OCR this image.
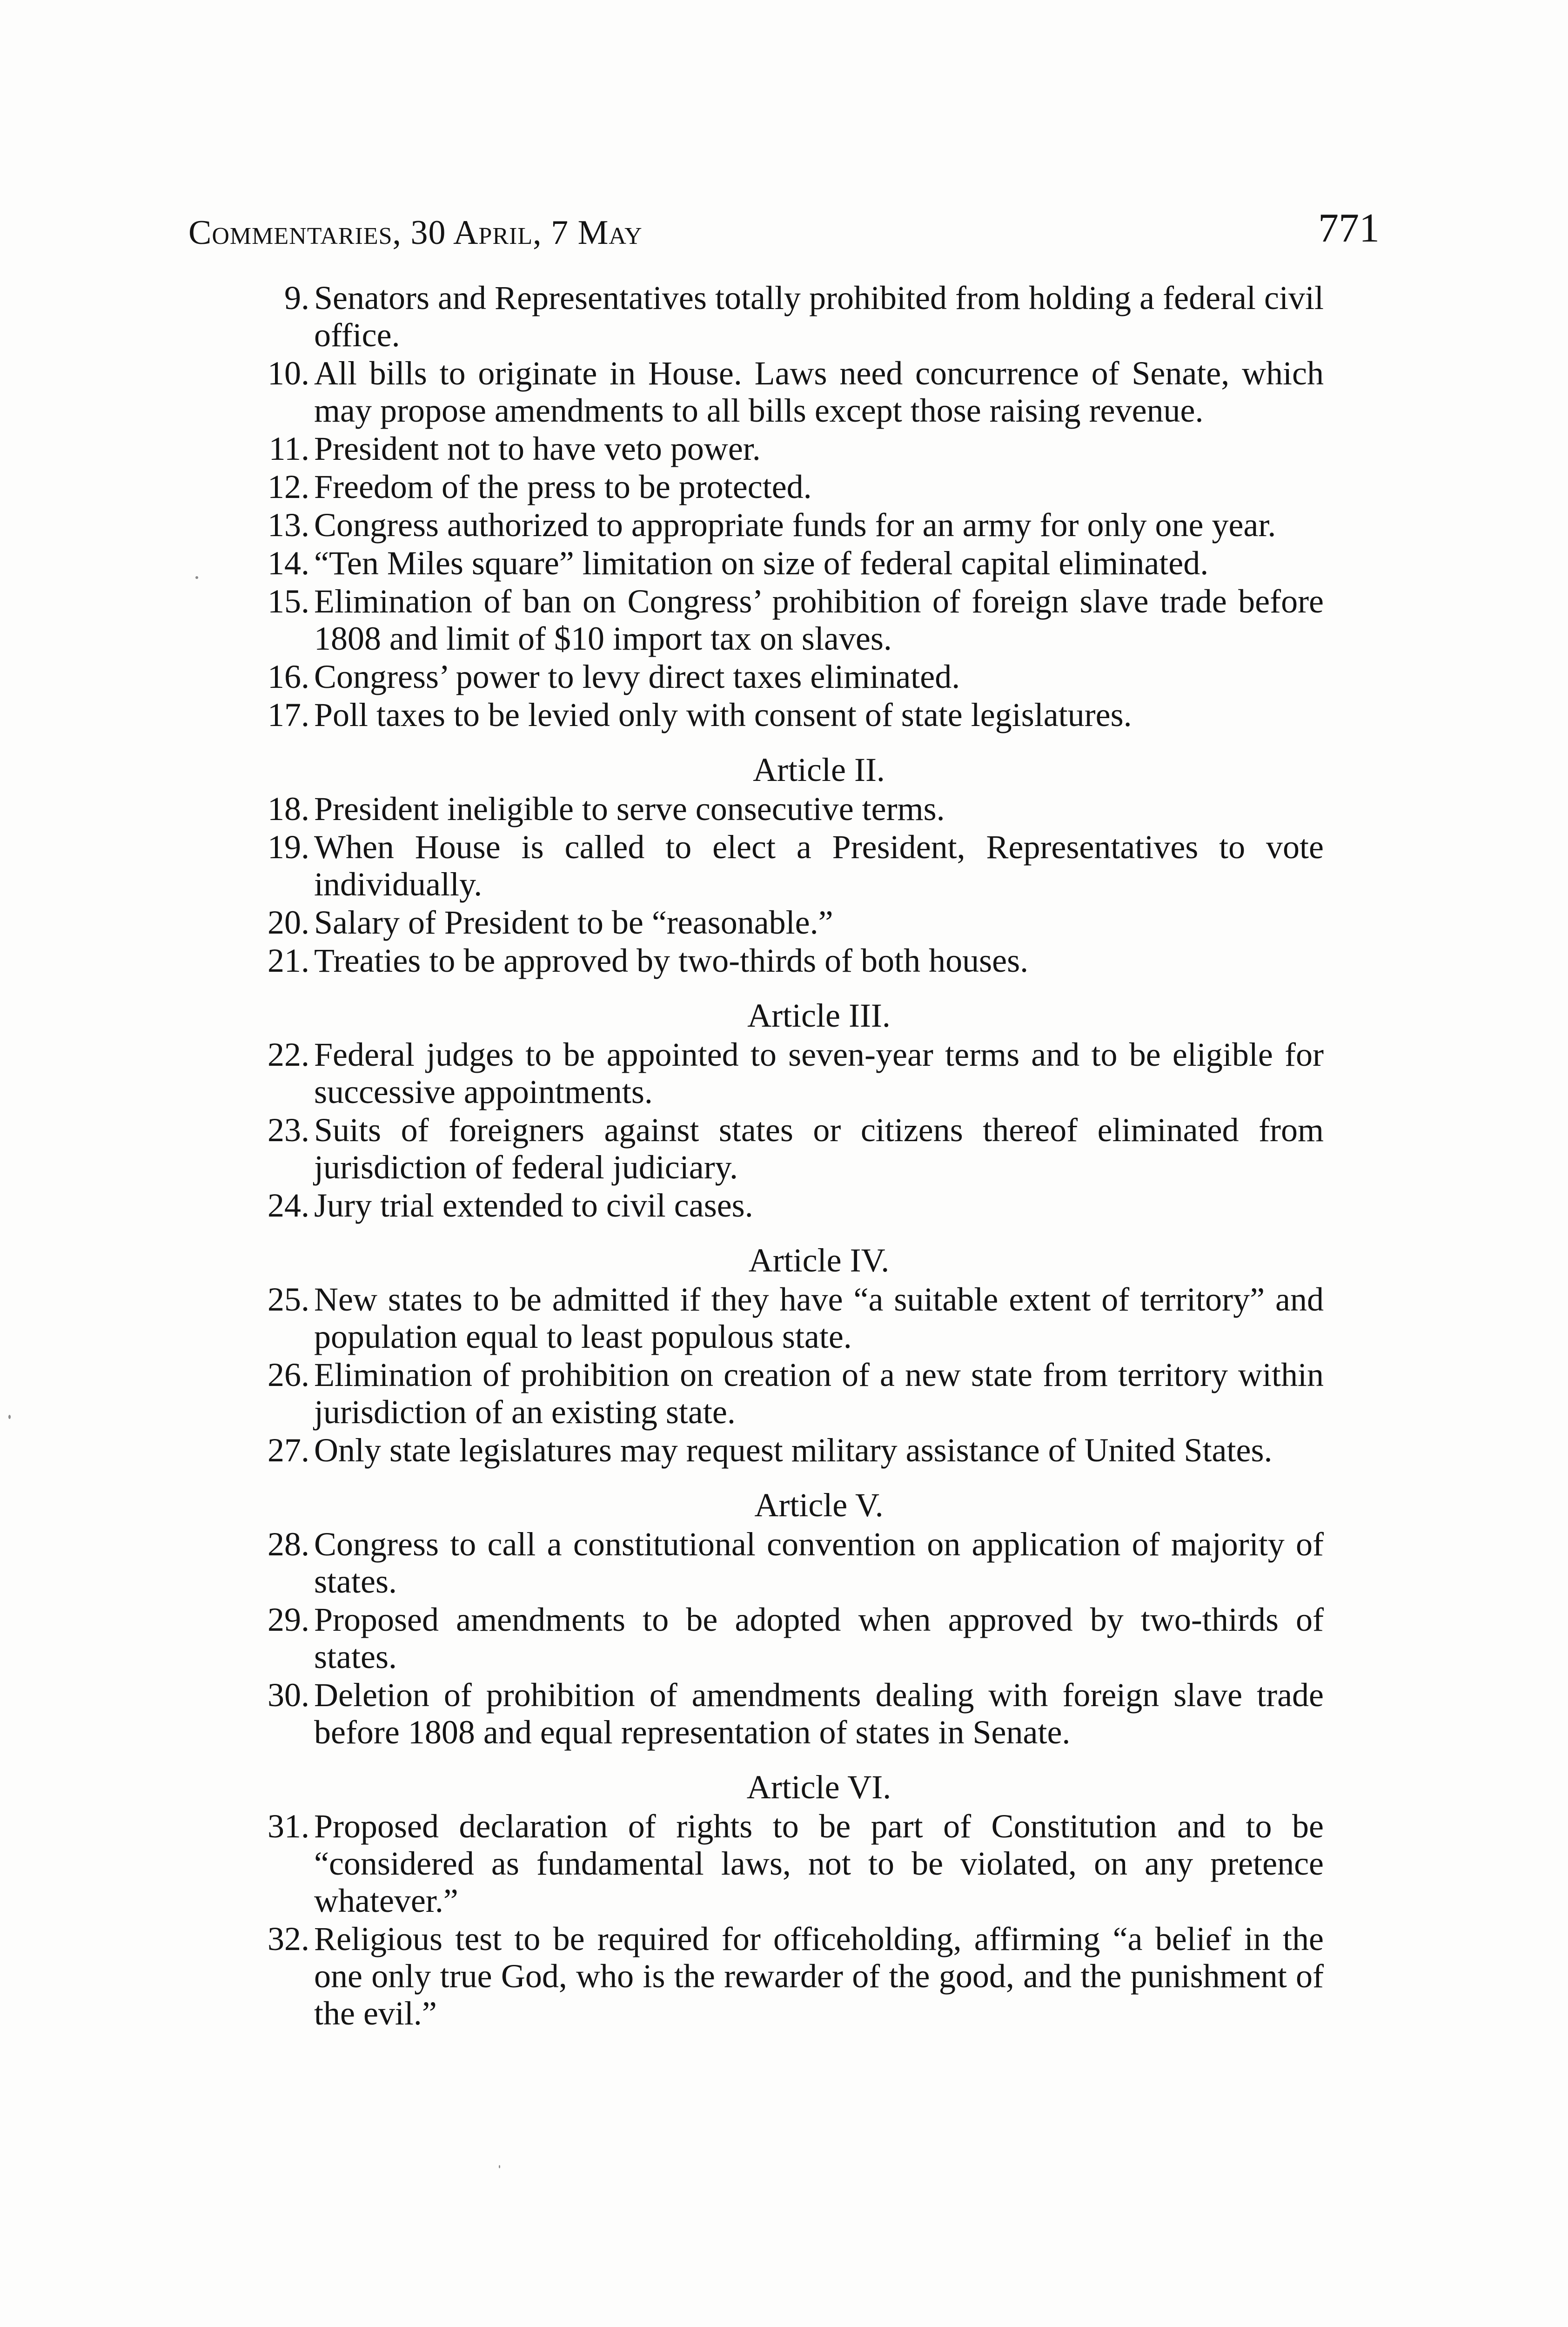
Commentaries, 30 April, 7 May	771
9. Senators and Representatives totally prohibited from holding a federal civil office.
10. All bills to originate in House. Laws need concurrence of Senate, which may propose amendments to all bills except those raising revenue.
11. President not to have veto power.
12. Freedom of the press to be protected.
13. Congress authorized to appropriate funds for an army for only one year.
14. “Ten Miles square” limitation on size of federal capital eliminated.
15. Elimination of ban on Congress’ prohibition of foreign slave trade before 1808 and limit of $10 import tax on slaves.
16. Congress’ power to levy direct taxes eliminated.
17. Poll taxes to be levied only with consent of state legislatures.
Article II.
18. President ineligible to serve consecutive terms.
19. When House is called to elect a President, Representatives to vote individually.
20. Salary of President to be “reasonable.”
21. Treaties to be approved by two-thirds of both houses.
Article III.
22. Federal judges to be appointed to seven-year terms and to be eligible for successive appointments.
23. Suits of foreigners against states or citizens thereof eliminated from jurisdiction of federal judiciary.
24. Jury trial extended to civil cases.
Article IV.
25. New states to be admitted if they have “a suitable extent of territory” and population equal to least populous state.
26. Elimination of prohibition on creation of a new state from territory within jurisdiction of an existing state.
27. Only state legislatures may request military assistance of United States.
Article V.
28. Congress to call a constitutional convention on application of majority of states.
29. Proposed amendments to be adopted when approved by two-thirds of states.
30. Deletion of prohibition of amendments dealing with foreign slave trade before 1808 and equal representation of states in Senate.
Article VI.
31. Proposed declaration of rights to be part of Constitution and to be “considered as fundamental laws, not to be violated, on any pretence whatever.”
32. Religious test to be required for officeholding, affirming “a belief in the one only true God, who is the rewarder of the good, and the punishment of the evil.”
